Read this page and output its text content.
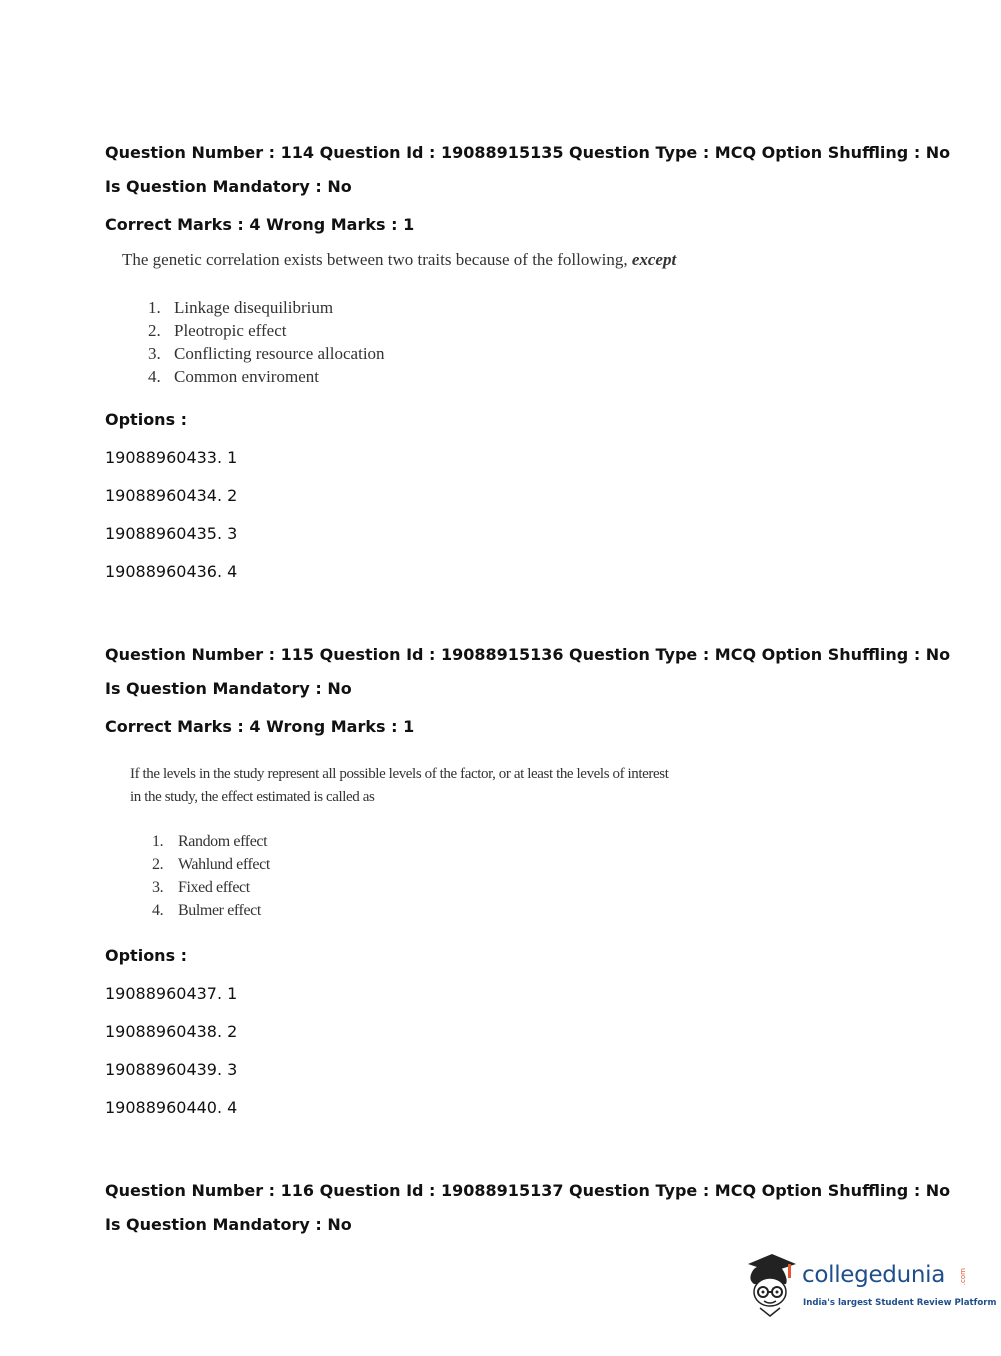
Question Number : 114 Question Id : 19088915135 Question Type : MCQ Option Shuffling : No
Is Question Mandatory : No
Correct Marks : 4 Wrong Marks : 1
The genetic correlation exists between two traits because of the following, except
1. Linkage disequilibrium
2. Pleotropic effect
3. Conflicting resource allocation
4. Common enviroment
Options :
19088960433. 1
19088960434. 2
19088960435. 3
19088960436. 4
Question Number : 115 Question Id : 19088915136 Question Type : MCQ Option Shuffling : No
Is Question Mandatory : No
Correct Marks : 4 Wrong Marks : 1
If the levels in the study represent all possible levels of the factor, or at least the levels of interest
in the study, the effect estimated is called as
1. Random effect
2. Wahlund effect
3. Fixed effect
4. Bulmer effect
Options :
19088960437. 1
19088960438. 2
19088960439. 3
19088960440. 4
Question Number : 116 Question Id : 19088915137 Question Type : MCQ Option Shuffling : No
Is Question Mandatory : No
collegedunia .com
India's largest Student Review Platform
